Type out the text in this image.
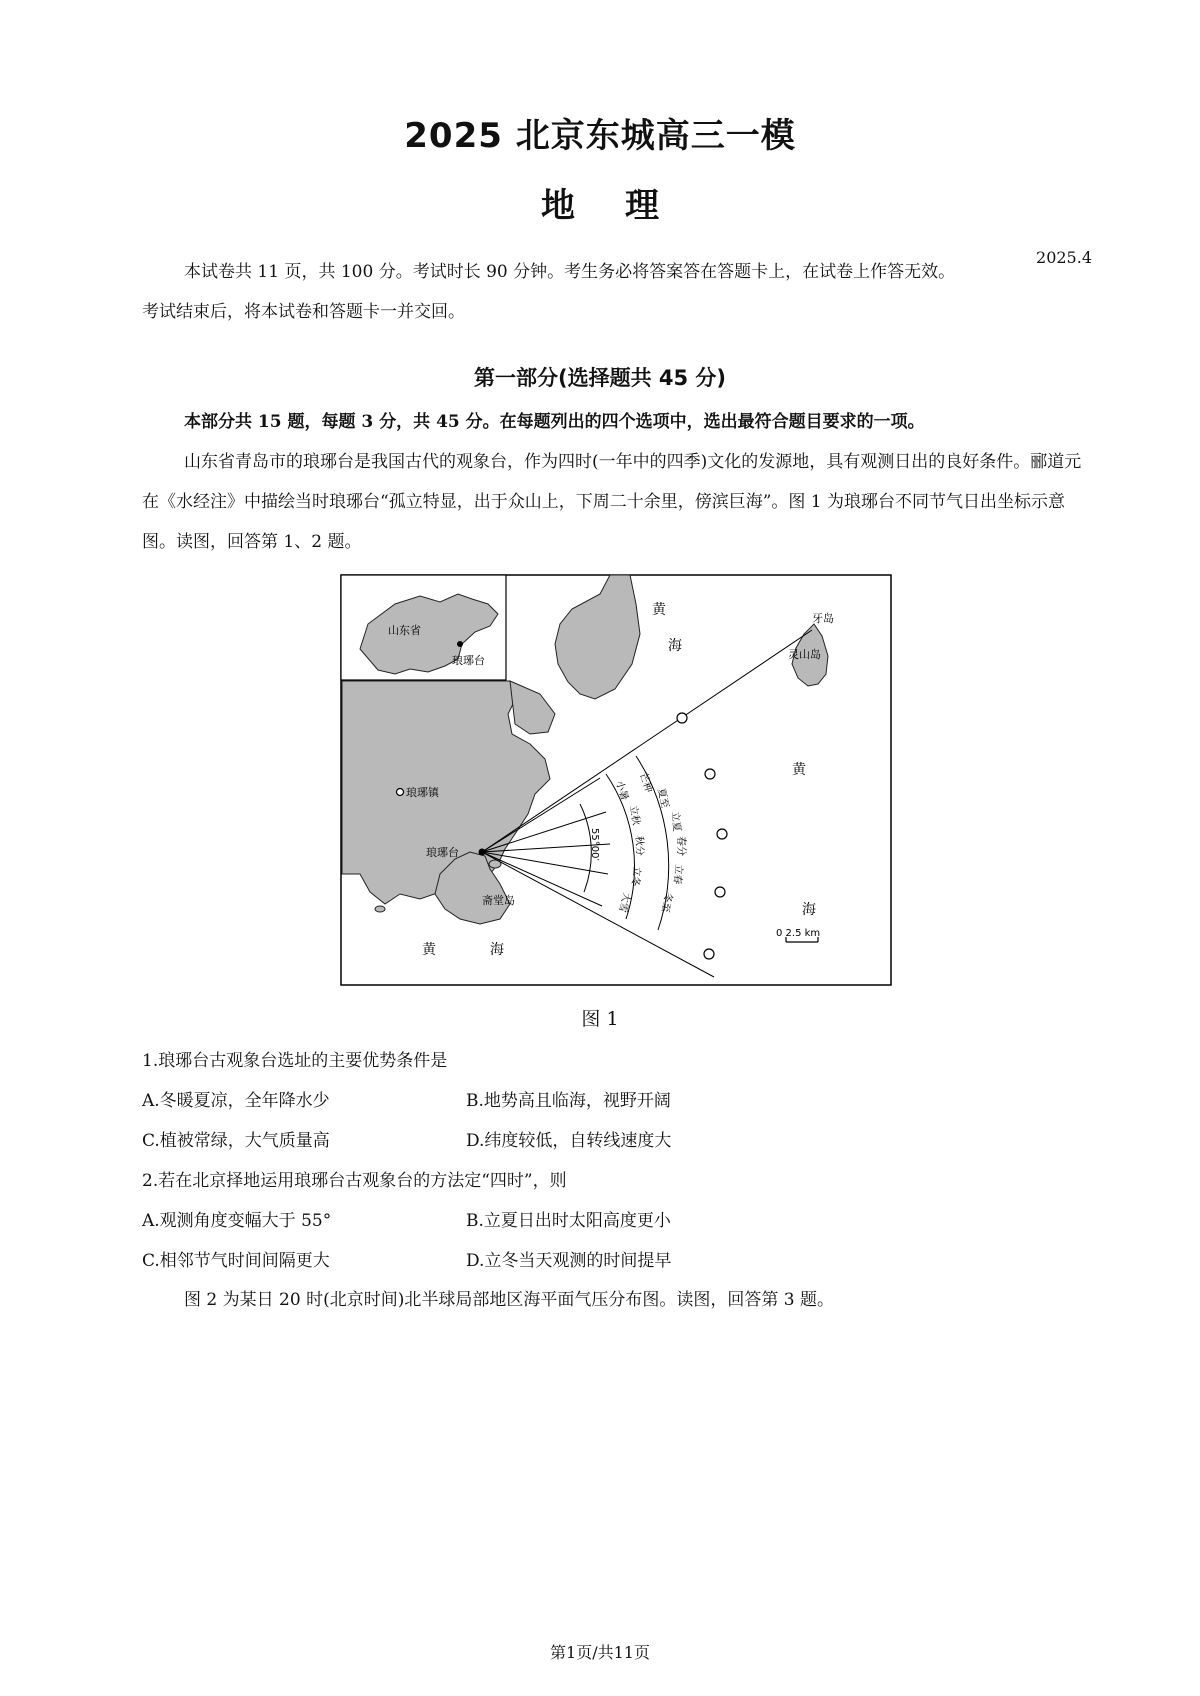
2025 北京东城高三一模
地理
2025.4
本试卷共 11 页，共 100 分。考试时长 90 分钟。考生务必将答案答在答题卡上，在试卷上作答无效。
考试结束后，将本试卷和答题卡一并交回。
第一部分(选择题共 45 分)
本部分共 15 题，每题 3 分，共 45 分。在每题列出的四个选项中，选出最符合题目要求的一项。
山东省青岛市的琅琊台是我国古代的观象台，作为四时(一年中的四季)文化的发源地，具有观测日出的良好条件。郦道元在《水经注》中描绘当时琅琊台“孤立特显，出于众山上，下周二十余里，傍滨巨海”。图 1 为琅琊台不同节气日出坐标示意图。读图，回答第 1、2 题。
山东省
琅琊台
芒种
夏至
立夏
春分
立春
冬至
小暑
立秋
秋分
立冬
大雪
55°00′
黄
海
黄
海
黄	海
琅琊镇
琅琊台
斋堂岛
灵山岛
牙岛
0 2.5 km
图 1
1.琅琊台古观象台选址的主要优势条件是
A.冬暖夏凉，全年降水少	B.地势高且临海，视野开阔
C.植被常绿，大气质量高	D.纬度较低，自转线速度大
2.若在北京择地运用琅琊台古观象台的方法定“四时”，则
A.观测角度变幅大于 55°	B.立夏日出时太阳高度更小
C.相邻节气时间间隔更大	D.立冬当天观测的时间提早
图 2 为某日 20 时(北京时间)北半球局部地区海平面气压分布图。读图，回答第 3 题。
第1页/共11页
